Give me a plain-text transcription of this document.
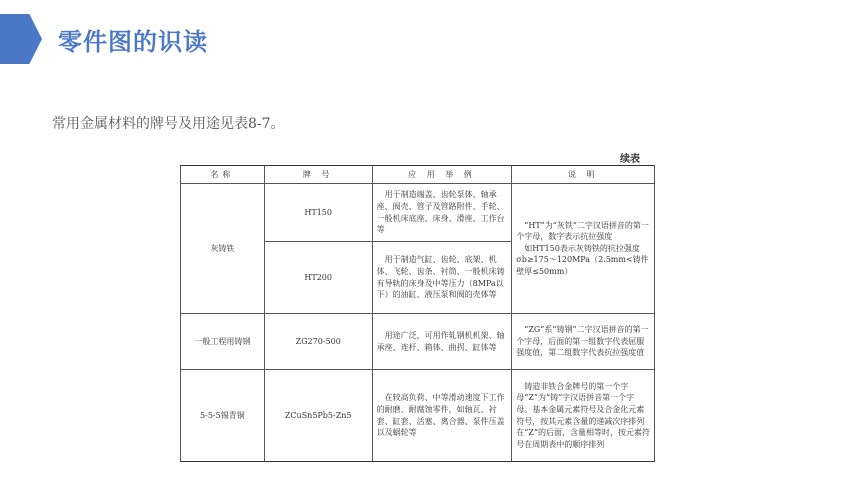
零件图的识读
常用金属材料的牌号及用途见表8-7。
续表
名称	牌 号	应 用 举 例	说 明
灰铸铁	HT150	用于制造端盖、齿轮泵体、轴承座、阀壳、管子及管路附件、手轮、一般机床底座、床身、滑座、工作台等	“HT”为“灰铁”二字汉语拼音的第一个字母，数字表示抗拉强度
如HT150表示灰铸铁的抗拉强度σb≥175～120MPa（2.5mm<铸件壁厚≤50mm）

	HT200	用于制造气缸、齿轮、底架、机体、飞轮、齿条、衬筒、一般机床铸有导轨的床身及中等压力（8MPa以下）的油缸、液压泵和阀的壳体等	
一般工程用铸钢	ZG270-500	用途广泛，可用作轧钢机机架、轴承座、连杆、箱体、曲拐、缸体等	“ZG”系“铸钢”二字汉语拼音的第一个字母，后面的第一组数字代表屈服强度值，第二组数字代表抗拉强度值

5-5-5锡青铜	ZCuSn5Pb5-Zn5	在较高负荷、中等滑动速度下工作的耐磨、耐腐蚀零件，如轴瓦、衬套、缸套、活塞、离合器、泵件压盖以及蜗轮等	铸造非铁合金牌号的第一个字母“Z”为“铸”字汉语拼音第一个字母。基本金属元素符号及合金化元素符号，按其元素含量的递减次序排列在“Z”的后面，含量相等时，按元素符号在周期表中的顺序排列
